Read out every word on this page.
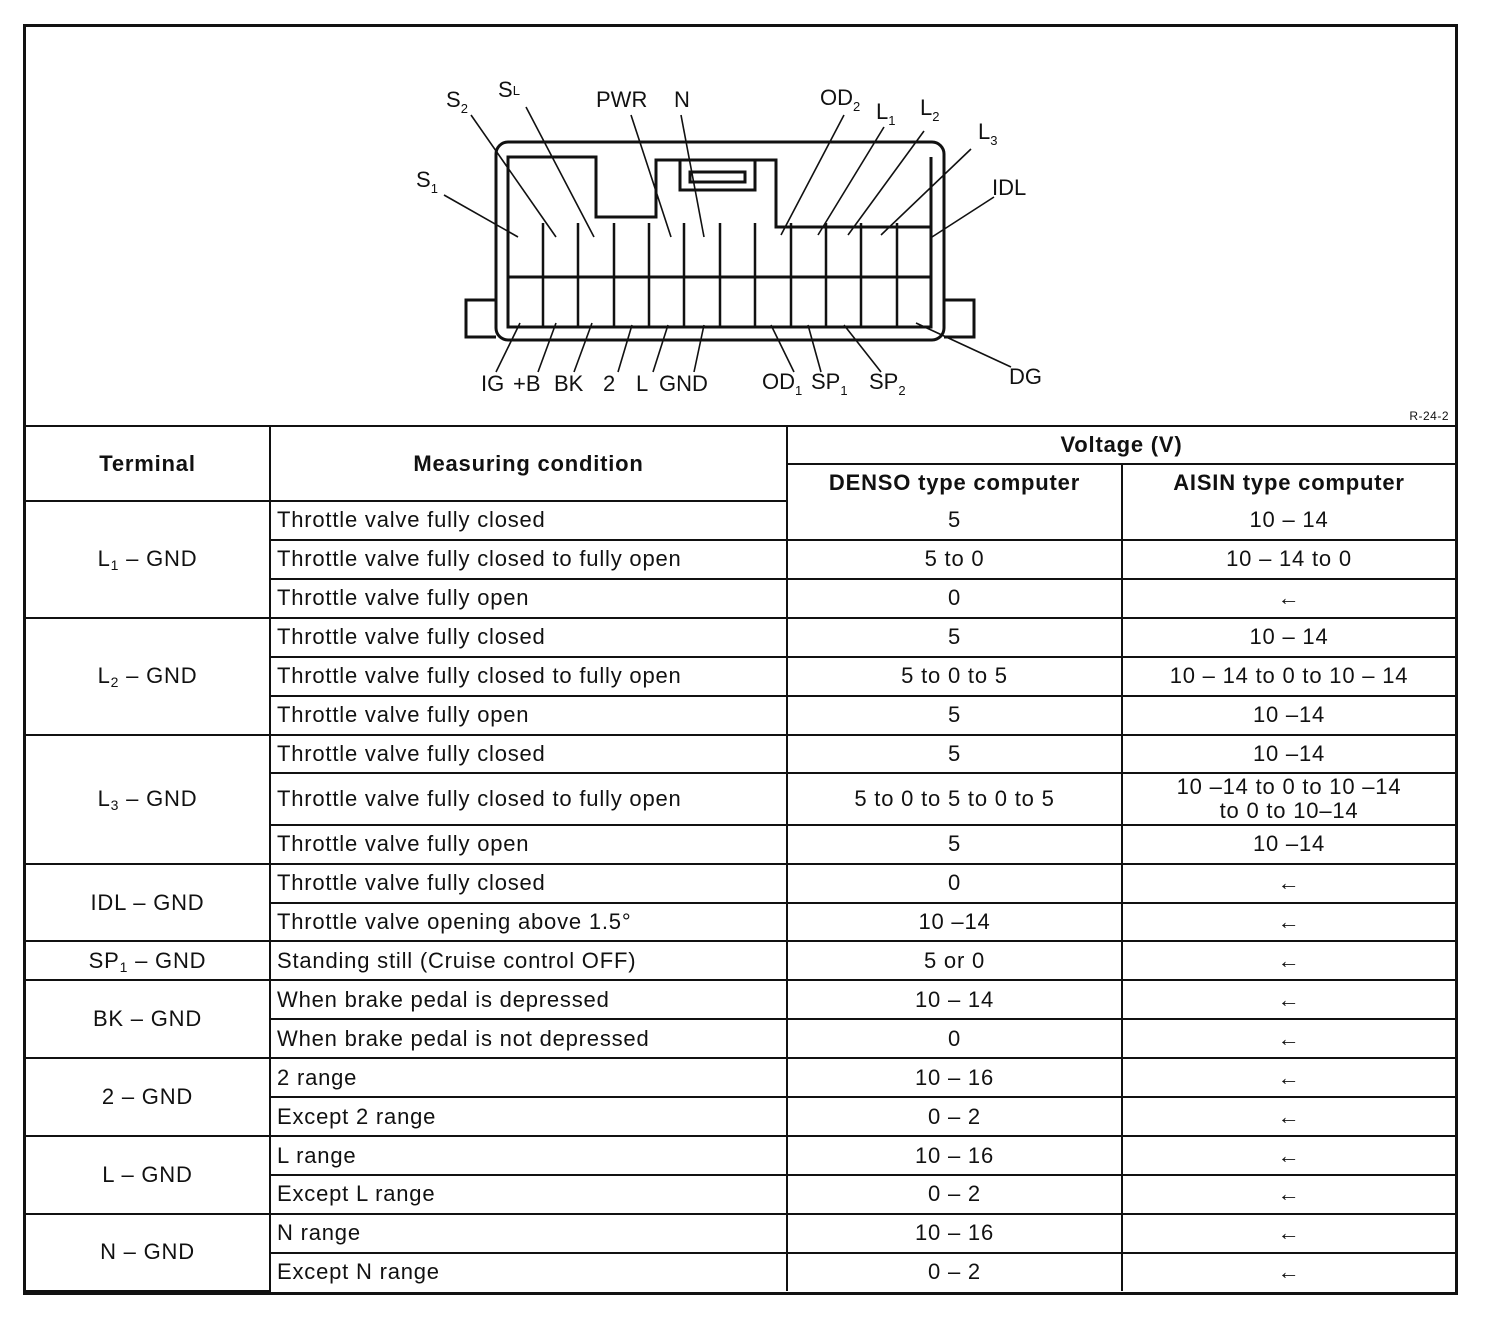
$S_1$
$S_2$
SL	PWR N	$OD_2$ $L_1$
$L_2$
$L_3$
IDL
IG +B BK 2 L GND $OD_1$ $SP_1$ $SP_2$
DG
R-24-2
Terminal	Measuring condition	Voltage (V)	
		DENSO type computer	AISIN type computer
$L_1$ – GND	Throttle valve fully closed	5	10 – 14

	Throttle valve fully closed to fully open	5 to 0	10 – 14 to 0

	Throttle valve fully open	0	←

$L_2$ – GND	Throttle valve fully closed	5	10 – 14

	Throttle valve fully closed to fully open	5 to 0 to 5	10 – 14 to 0 to 10 – 14

	Throttle valve fully open	5	10 –14

$L_3$ – GND	Throttle valve fully closed	5	10 –14

	Throttle valve fully closed to fully open	5 to 0 to 5 to 0 to 5	10 –14 to 0 to 10 –14
to 0 to 10–14

	Throttle valve fully open	5	10 –14

IDL – GND	Throttle valve fully closed	0	←

	Throttle valve opening above 1.5°	10 –14	←

$SP_1$ – GND	Standing still (Cruise control OFF)	5 or 0	←

BK – GND	When brake pedal is depressed	10 – 14	←

	When brake pedal is not depressed	0	←

2 – GND	2 range	10 – 16	←

	Except 2 range	0 – 2	←

L – GND	L range	10 – 16	←

	Except L range	0 – 2	←

N – GND	N range	10 – 16	←

	Except N range	0 – 2	←
